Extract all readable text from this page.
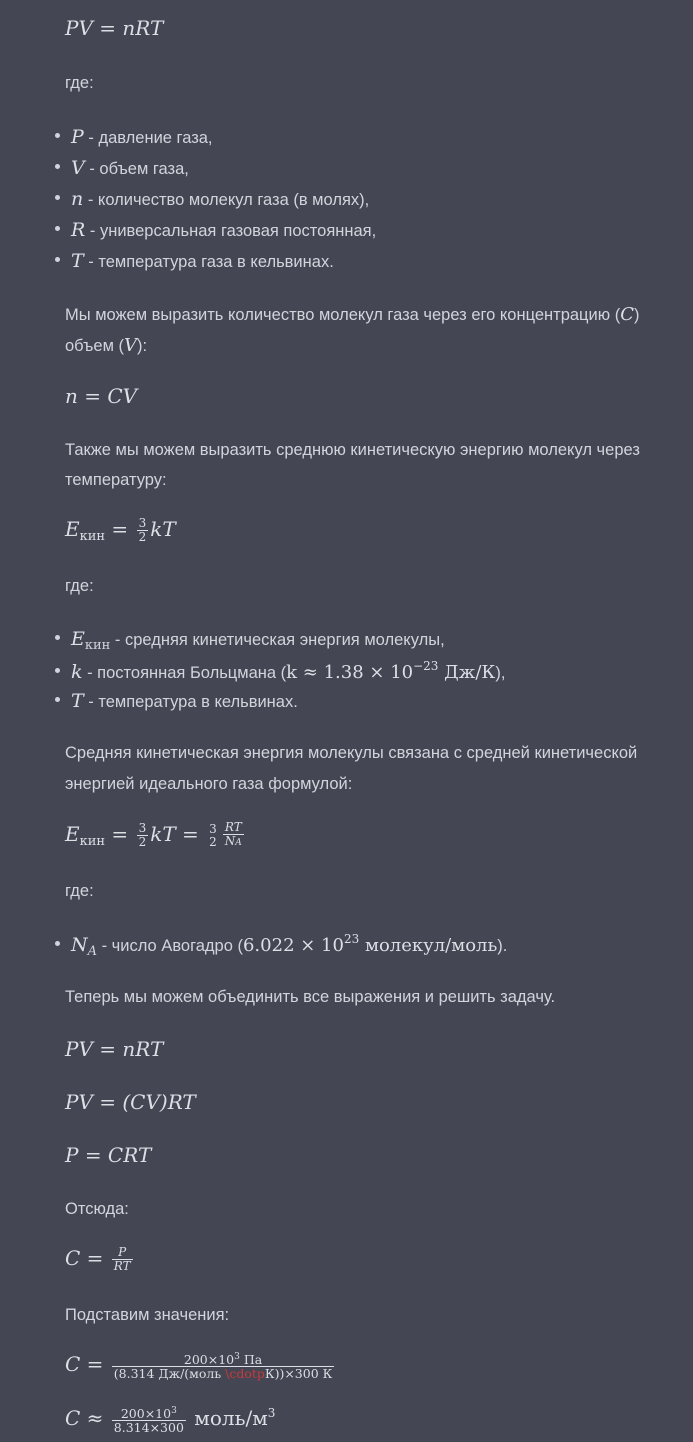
PV = nRT
где:
P - давление газа,
V - объем газа,
n - количество молекул газа (в молях),
R - универсальная газовая постоянная,
T - температура газа в кельвинах.
Мы можем выразить количество молекул газа через его концентрацию (C)
объем (V):
n = CV
Также мы можем выразить среднюю кинетическую энергию молекул через
температуру:
$E_{кин} = \frac{3}{2}$ kT
где:
$E_{кин}$ - средняя кинетическая энергия молекулы,
k - постоянная Больцмана ($k \approx 1.38 \times 10^{-23}$ Дж/К),
T - температура в кельвинах.
Средняя кинетическая энергия молекулы связана с средней кинетической
энергией идеального газа формулой:
$E_{кин} = \frac{3}{2}$ kT = 3
$2 \frac{RT}{NA}$
где:
$N_A$ - число Авогадро ($6.022 \times 10^{23}$ молекул/моль).
Теперь мы можем объединить все выражения и решить задачу.
PV = nRT
PV = (CV)RT
P = CRT
Отсюда:
$C = \frac{P}{RT}$
Подставим значения:
$C = \frac{200\times 10^3 Па}{\text{(8.314 Дж/(моль \textbackslash{}cdotpК))×300 К}}$
$C \approx \frac{200\times 10^3}{8.314\times 300}$ моль/$м^3$
